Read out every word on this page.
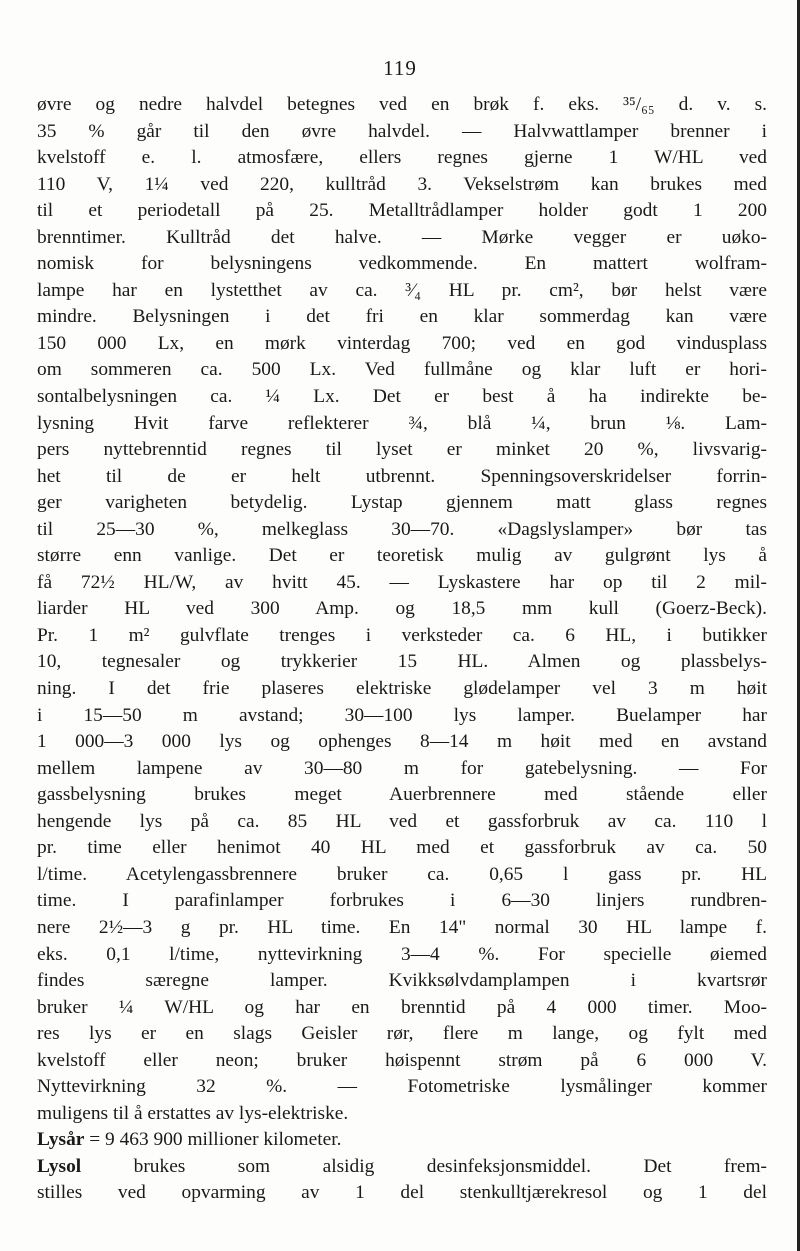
119
øvre og nedre halvdel betegnes ved en brøk f. eks. ³⁵/₆₅ d. v. s.
35 % går til den øvre halvdel. — Halvwattlamper brenner i
kvelstoff e. l. atmosfære, ellers regnes gjerne 1 W/HL ved
110 V, 1¼ ved 220, kulltråd 3. Vekselstrøm kan brukes med
til et periodetall på 25. Metalltrådlamper holder godt 1 200
brenntimer. Kulltråd det halve. — Mørke vegger er uøko-
nomisk for belysningens vedkommende. En mattert wolfram-
lampe har en lystetthet av ca. ³⁄₄ HL pr. cm², bør helst være
mindre. Belysningen i det fri en klar sommerdag kan være
150 000 Lx, en mørk vinterdag 700; ved en god vindusplass
om sommeren ca. 500 Lx. Ved fullmåne og klar luft er hori-
sontalbelysningen ca. ¼ Lx. Det er best å ha indirekte be-
lysning Hvit farve reflekterer ¾, blå ¼, brun ⅛. Lam-
pers nyttebrenntid regnes til lyset er minket 20 %, livsvarig-
het til de er helt utbrennt. Spenningsoverskridelser forrin-
ger varigheten betydelig. Lystap gjennem matt glass regnes
til 25—30 %, melkeglass 30—70. «Dagslyslamper» bør tas
større enn vanlige. Det er teoretisk mulig av gulgrønt lys å
få 72½ HL/W, av hvitt 45. — Lyskastere har op til 2 mil-
liarder HL ved 300 Amp. og 18,5 mm kull (Goerz-Beck).
Pr. 1 m² gulvflate trenges i verksteder ca. 6 HL, i butikker
10, tegnesaler og trykkerier 15 HL. Almen og plassbelys-
ning. I det frie plaseres elektriske glødelamper vel 3 m høit
i 15—50 m avstand; 30—100 lys lamper. Buelamper har
1 000—3 000 lys og ophenges 8—14 m høit med en avstand
mellem lampene av 30—80 m for gatebelysning. — For
gassbelysning brukes meget Auerbrennere med stående eller
hengende lys på ca. 85 HL ved et gassforbruk av ca. 110 l
pr. time eller henimot 40 HL med et gassforbruk av ca. 50
l/time. Acetylengassbrennere bruker ca. 0,65 l gass pr. HL
time. I parafinlamper forbrukes i 6—30 linjers rundbren-
nere 2½—3 g pr. HL time. En 14" normal 30 HL lampe f.
eks. 0,1 l/time, nyttevirkning 3—4 %. For specielle øiemed
findes særegne lamper. Kvikksølvdamplampen i kvartsrør
bruker ¼ W/HL og har en brenntid på 4 000 timer. Moo-
res lys er en slags Geisler rør, flere m lange, og fylt med
kvelstoff eller neon; bruker høispennt strøm på 6 000 V.
Nyttevirkning 32 %. — Fotometriske lysmålinger kommer
muligens til å erstattes av lys-elektriske.
Lysår = 9 463 900 millioner kilometer.
Lysol brukes som alsidig desinfeksjonsmiddel. Det frem-
stilles ved opvarming av 1 del stenkulltjærekresol og 1 del
